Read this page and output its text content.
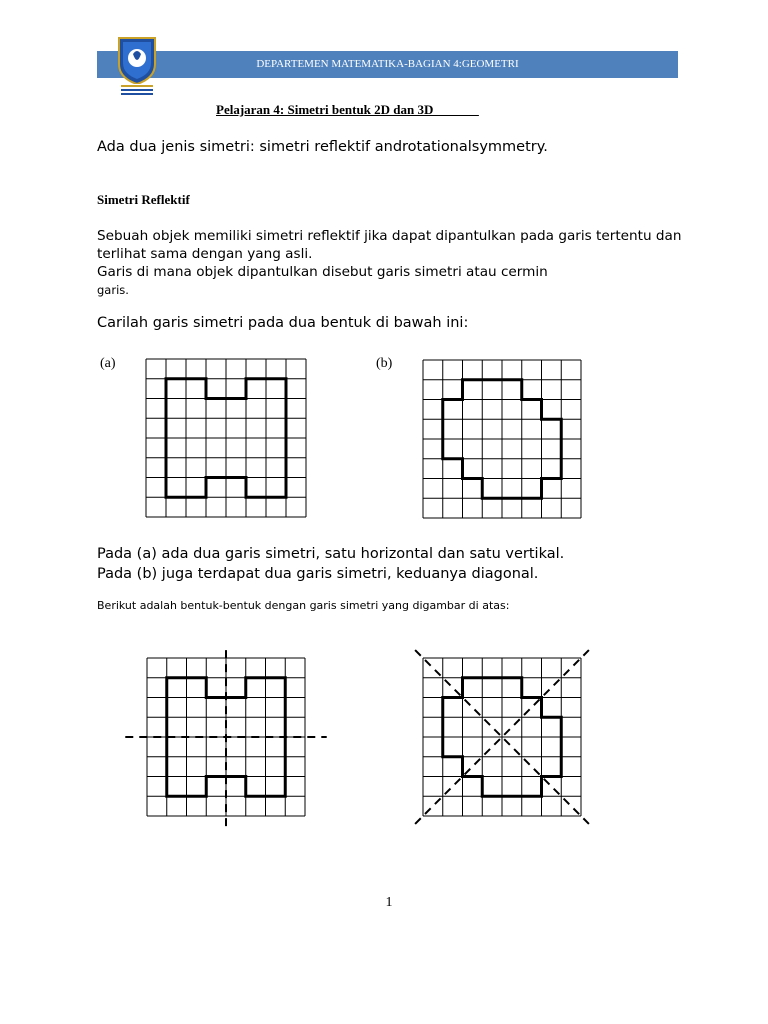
DEPARTEMEN MATEMATIKA-BAGIAN 4:GEOMETRI
Pelajaran 4: Simetri bentuk 2D dan 3D
Ada dua jenis simetri: simetri reflektif androtationalsymmetry.
Simetri Reflektif
Sebuah objek memiliki simetri reflektif jika dapat dipantulkan pada garis tertentu dan terlihat sama dengan yang asli.
Garis di mana objek dipantulkan disebut garis simetri atau cermin
garis.
Carilah garis simetri pada dua bentuk di bawah ini:
(a)	(b)
Pada (a) ada dua garis simetri, satu horizontal dan satu vertikal.
Pada (b) juga terdapat dua garis simetri, keduanya diagonal.
Berikut adalah bentuk-bentuk dengan garis simetri yang digambar di atas:
1
